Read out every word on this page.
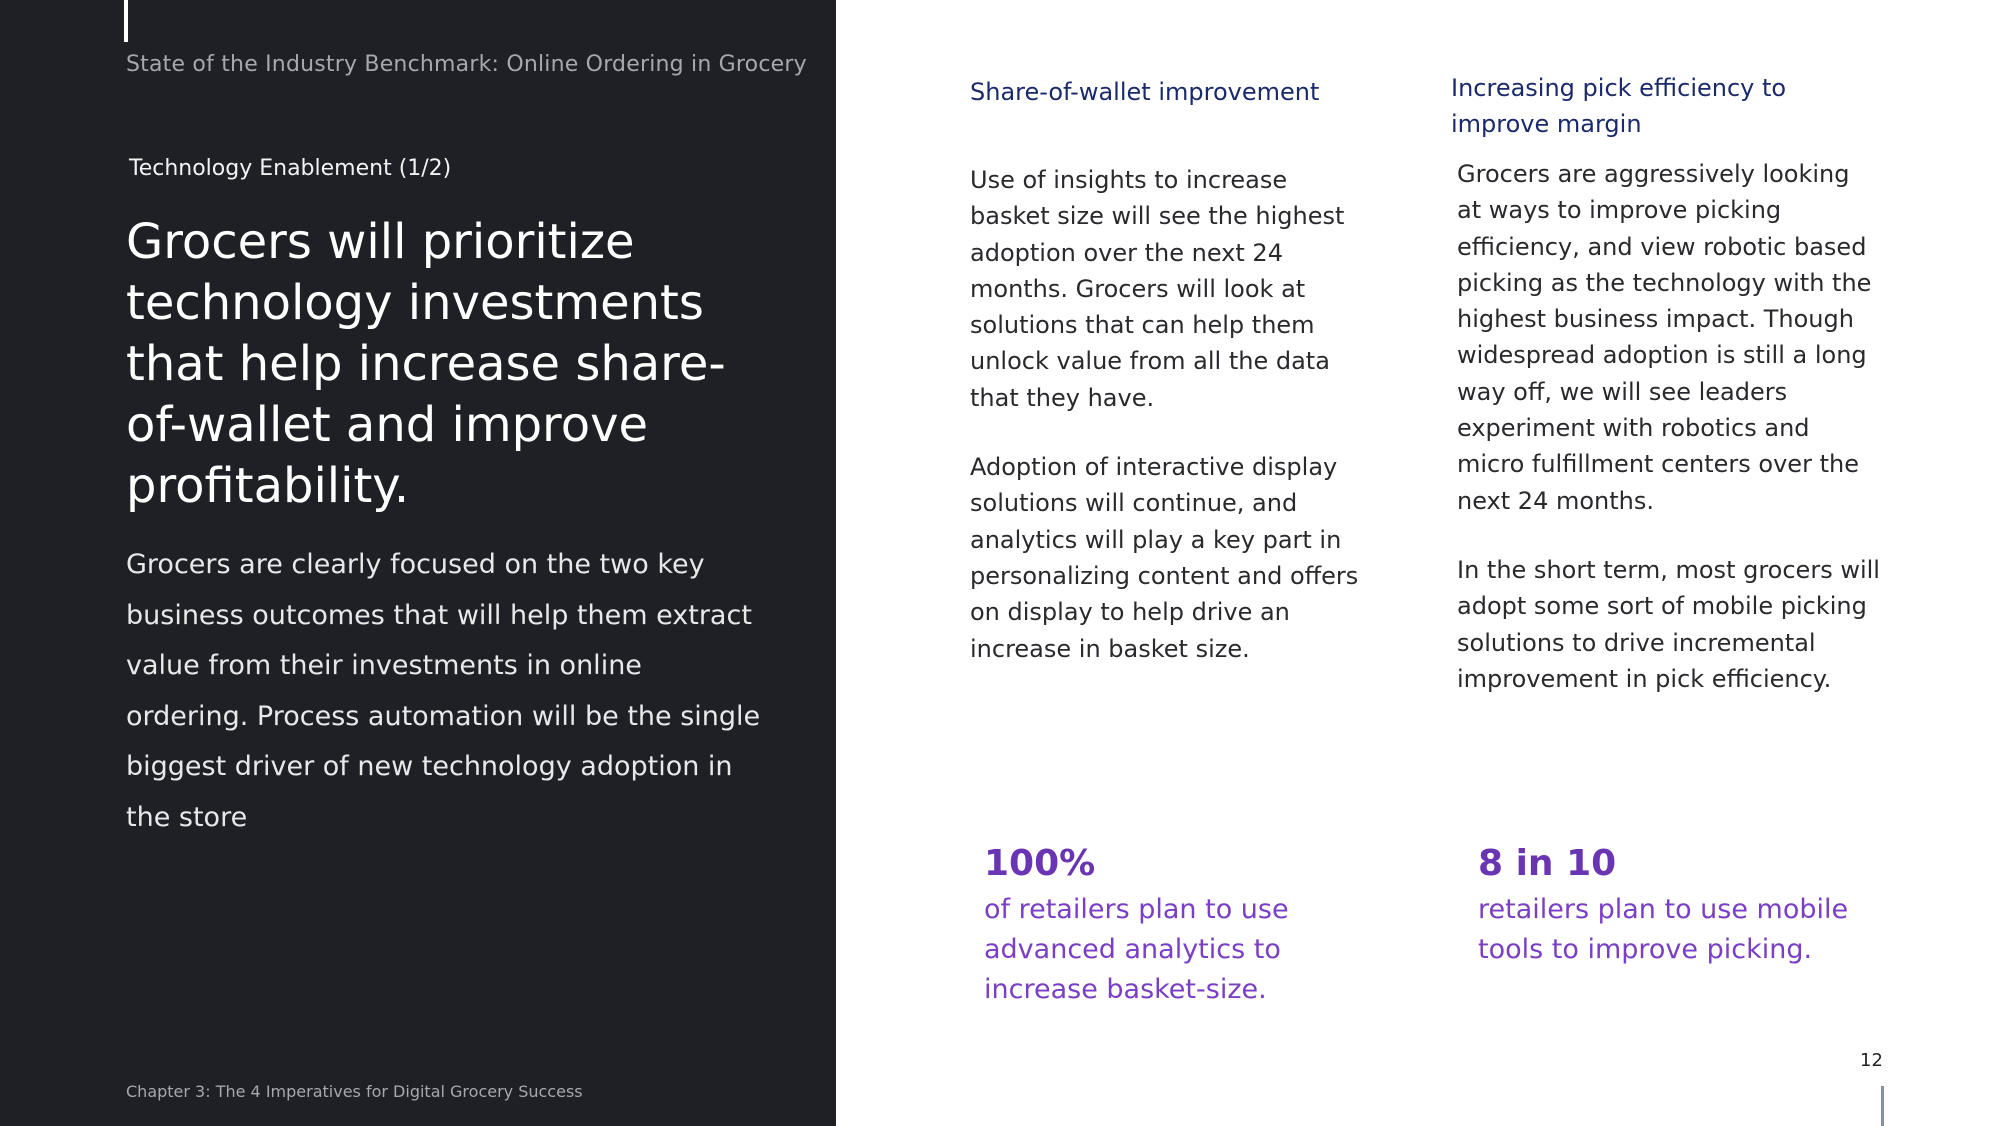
State of the Industry Benchmark: Online Ordering in Grocery
Technology Enablement (1/2)
Grocers will prioritize technology investments that help increase share-of-wallet and improve profitability.

Grocers are clearly focused on the two key business outcomes that will help them extract value from their investments in online ordering. Process automation will be the single biggest driver of new technology adoption in the store

Chapter 3: The 4 Imperatives for Digital Grocery Success
Share-of-wallet improvement

Use of insights to increase basket size will see the highest adoption over the next 24 months. Grocers will look at solutions that can help them unlock value from all the data that they have.

Adoption of interactive display solutions will continue, and analytics will play a key part in personalizing content and offers on display to help drive an increase in basket size.

Increasing pick efficiency to improve margin

Grocers are aggressively looking at ways to improve picking efficiency, and view robotic based picking as the technology with the highest business impact. Though widespread adoption is still a long way off, we will see leaders experiment with robotics and micro fulfillment centers over the next 24 months.

In the short term, most grocers will adopt some sort of mobile picking solutions to drive incremental improvement in pick efficiency.

100%
of retailers plan to use advanced analytics to increase basket-size.
8 in 10
retailers plan to use mobile tools to improve picking.
12
